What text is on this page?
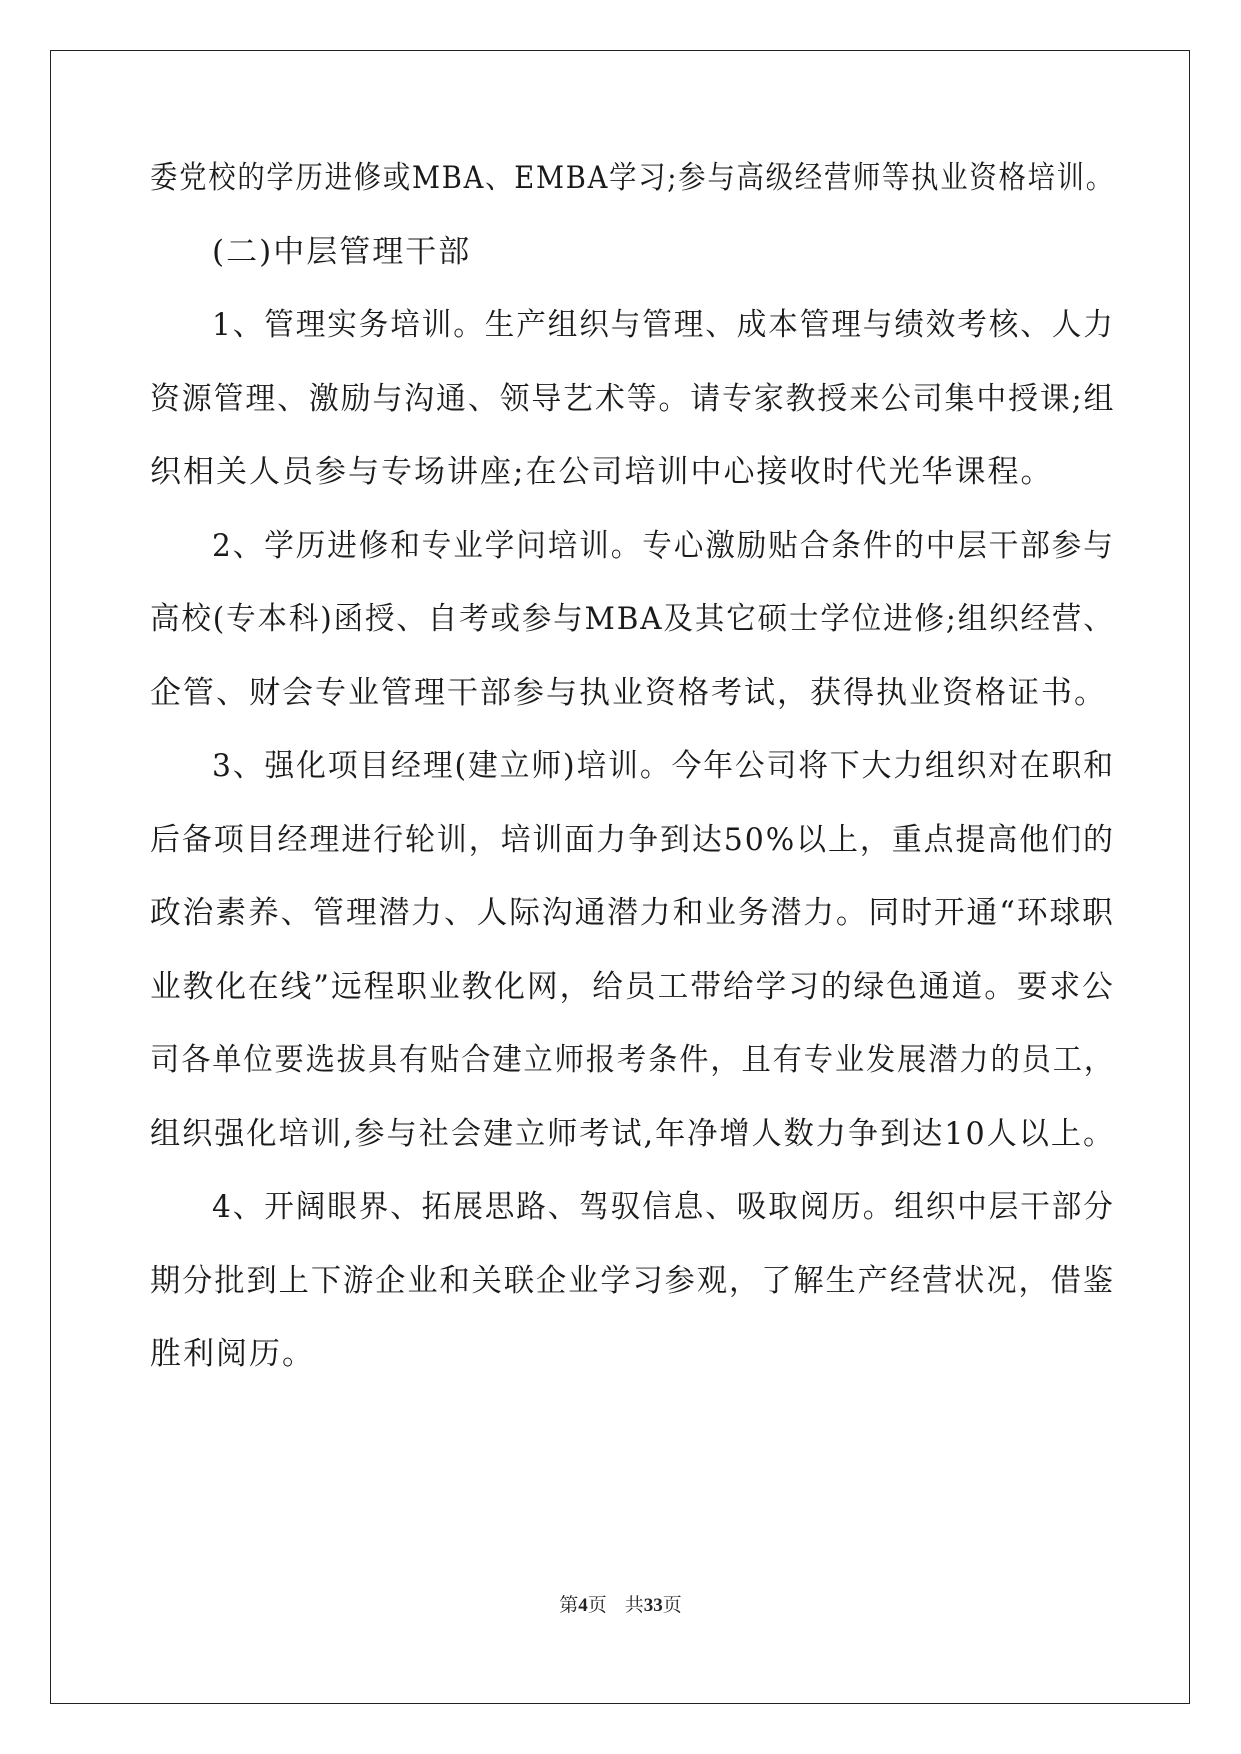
委党校的学历进修或MBA、EMBA学习;参与高级经营师等执业资格培训。
(二)中层管理干部
1、管理实务培训。生产组织与管理、成本管理与绩效考核、人力
资源管理、激励与沟通、领导艺术等。请专家教授来公司集中授课;组
织相关人员参与专场讲座;在公司培训中心接收时代光华课程。
2、学历进修和专业学问培训。专心激励贴合条件的中层干部参与
高校(专本科)函授、自考或参与MBA及其它硕士学位进修;组织经营、
企管、财会专业管理干部参与执业资格考试，获得执业资格证书。
3、强化项目经理(建立师)培训。今年公司将下大力组织对在职和
后备项目经理进行轮训，培训面力争到达50%以上，重点提高他们的
政治素养、管理潜力、人际沟通潜力和业务潜力。同时开通“环球职
业教化在线”远程职业教化网，给员工带给学习的绿色通道。要求公
司各单位要选拔具有贴合建立师报考条件，且有专业发展潜力的员工，
组织强化培训,参与社会建立师考试,年净增人数力争到达10人以上。
4、开阔眼界、拓展思路、驾驭信息、吸取阅历。组织中层干部分
期分批到上下游企业和关联企业学习参观，了解生产经营状况，借鉴
胜利阅历。
第4页 共33页
